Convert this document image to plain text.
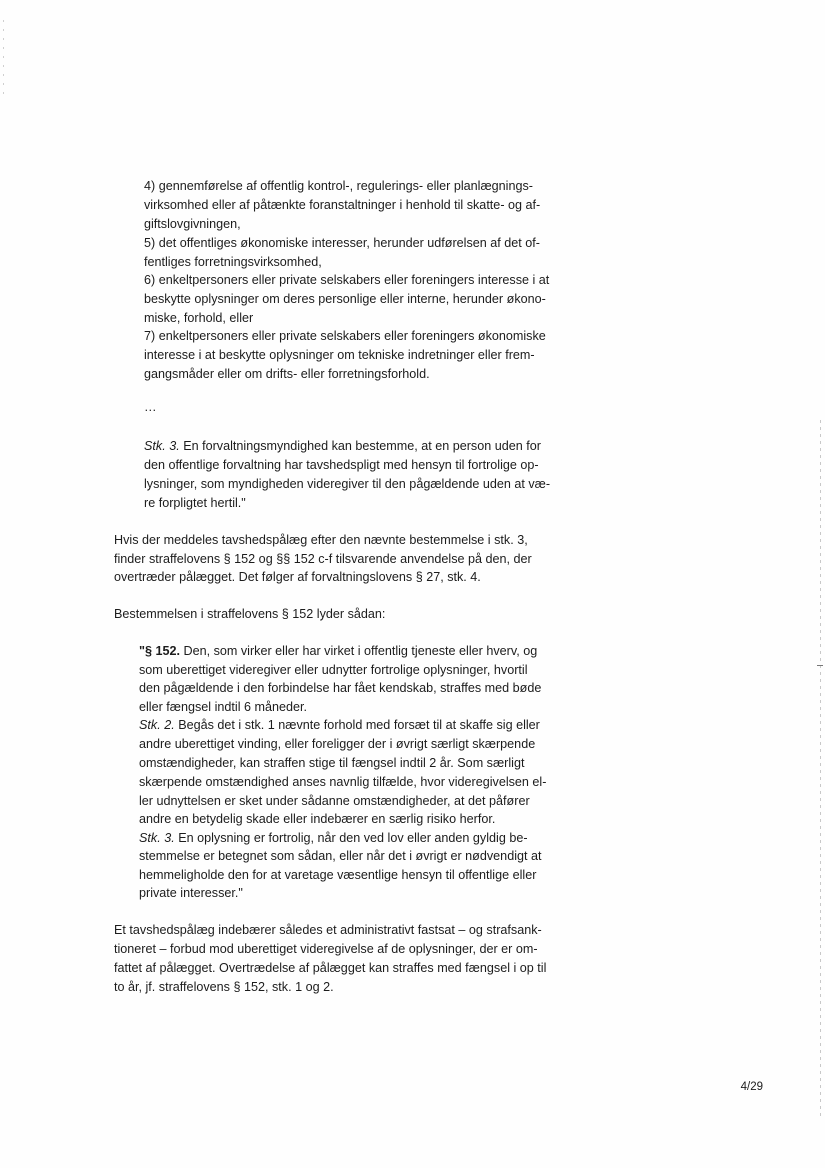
4) gennemførelse af offentlig kontrol-, regulerings- eller planlægnings-
virksomhed eller af påtænkte foranstaltninger i henhold til skatte- og af-
giftslovgivningen,
5) det offentliges økonomiske interesser, herunder udførelsen af det of-
fentliges forretningsvirksomhed,
6) enkeltpersoners eller private selskabers eller foreningers interesse i at
beskytte oplysninger om deres personlige eller interne, herunder økono-
miske, forhold, eller
7) enkeltpersoners eller private selskabers eller foreningers økonomiske
interesse i at beskytte oplysninger om tekniske indretninger eller frem-
gangsmåder eller om drifts- eller forretningsforhold.
…
Stk. 3. En forvaltningsmyndighed kan bestemme, at en person uden for
den offentlige forvaltning har tavshedspligt med hensyn til fortrolige op-
lysninger, som myndigheden videregiver til den pågældende uden at væ-
re forpligtet hertil."
Hvis der meddeles tavshedspålæg efter den nævnte bestemmelse i stk. 3,
finder straffelovens § 152 og §§ 152 c-f tilsvarende anvendelse på den, der
overtræder pålægget. Det følger af forvaltningslovens § 27, stk. 4.
Bestemmelsen i straffelovens § 152 lyder sådan:
"§ 152. Den, som virker eller har virket i offentlig tjeneste eller hverv, og
som uberettiget videregiver eller udnytter fortrolige oplysninger, hvortil
den pågældende i den forbindelse har fået kendskab, straffes med bøde
eller fængsel indtil 6 måneder.
Stk. 2. Begås det i stk. 1 nævnte forhold med forsæt til at skaffe sig eller
andre uberettiget vinding, eller foreligger der i øvrigt særligt skærpende
omstændigheder, kan straffen stige til fængsel indtil 2 år. Som særligt
skærpende omstændighed anses navnlig tilfælde, hvor videregivelsen el-
ler udnyttelsen er sket under sådanne omstændigheder, at det påfører
andre en betydelig skade eller indebærer en særlig risiko herfor.
Stk. 3. En oplysning er fortrolig, når den ved lov eller anden gyldig be-
stemmelse er betegnet som sådan, eller når det i øvrigt er nødvendigt at
hemmeligholde den for at varetage væsentlige hensyn til offentlige eller
private interesser."
Et tavshedspålæg indebærer således et administrativt fastsat – og strafsank-
tioneret – forbud mod uberettiget videregivelse af de oplysninger, der er om-
fattet af pålægget. Overtrædelse af pålægget kan straffes med fængsel i op til
to år, jf. straffelovens § 152, stk. 1 og 2.
4/29
